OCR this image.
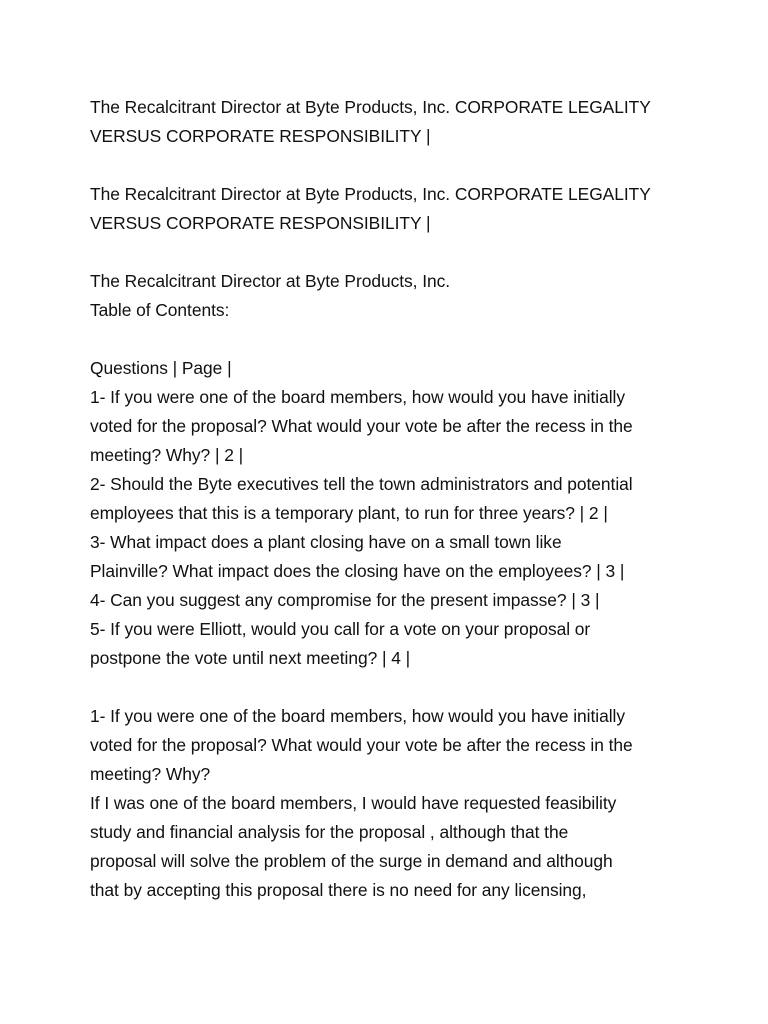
The Recalcitrant Director at Byte Products, Inc. CORPORATE LEGALITY
VERSUS CORPORATE RESPONSIBILITY |
The Recalcitrant Director at Byte Products, Inc. CORPORATE LEGALITY
VERSUS CORPORATE RESPONSIBILITY |
The Recalcitrant Director at Byte Products, Inc.
Table of Contents:
Questions | Page |
1- If you were one of the board members, how would you have initially
voted for the proposal? What would your vote be after the recess in the
meeting? Why? | 2 |
2- Should the Byte executives tell the town administrators and potential
employees that this is a temporary plant, to run for three years? | 2 |
3- What impact does a plant closing have on a small town like
Plainville? What impact does the closing have on the employees? | 3 |
4- Can you suggest any compromise for the present impasse? | 3 |
5- If you were Elliott, would you call for a vote on your proposal or
postpone the vote until next meeting? | 4 |
1- If you were one of the board members, how would you have initially
voted for the proposal? What would your vote be after the recess in the
meeting? Why?
If I was one of the board members, I would have requested feasibility
study and financial analysis for the proposal , although that the
proposal will solve the problem of the surge in demand and although
that by accepting this proposal there is no need for any licensing,
